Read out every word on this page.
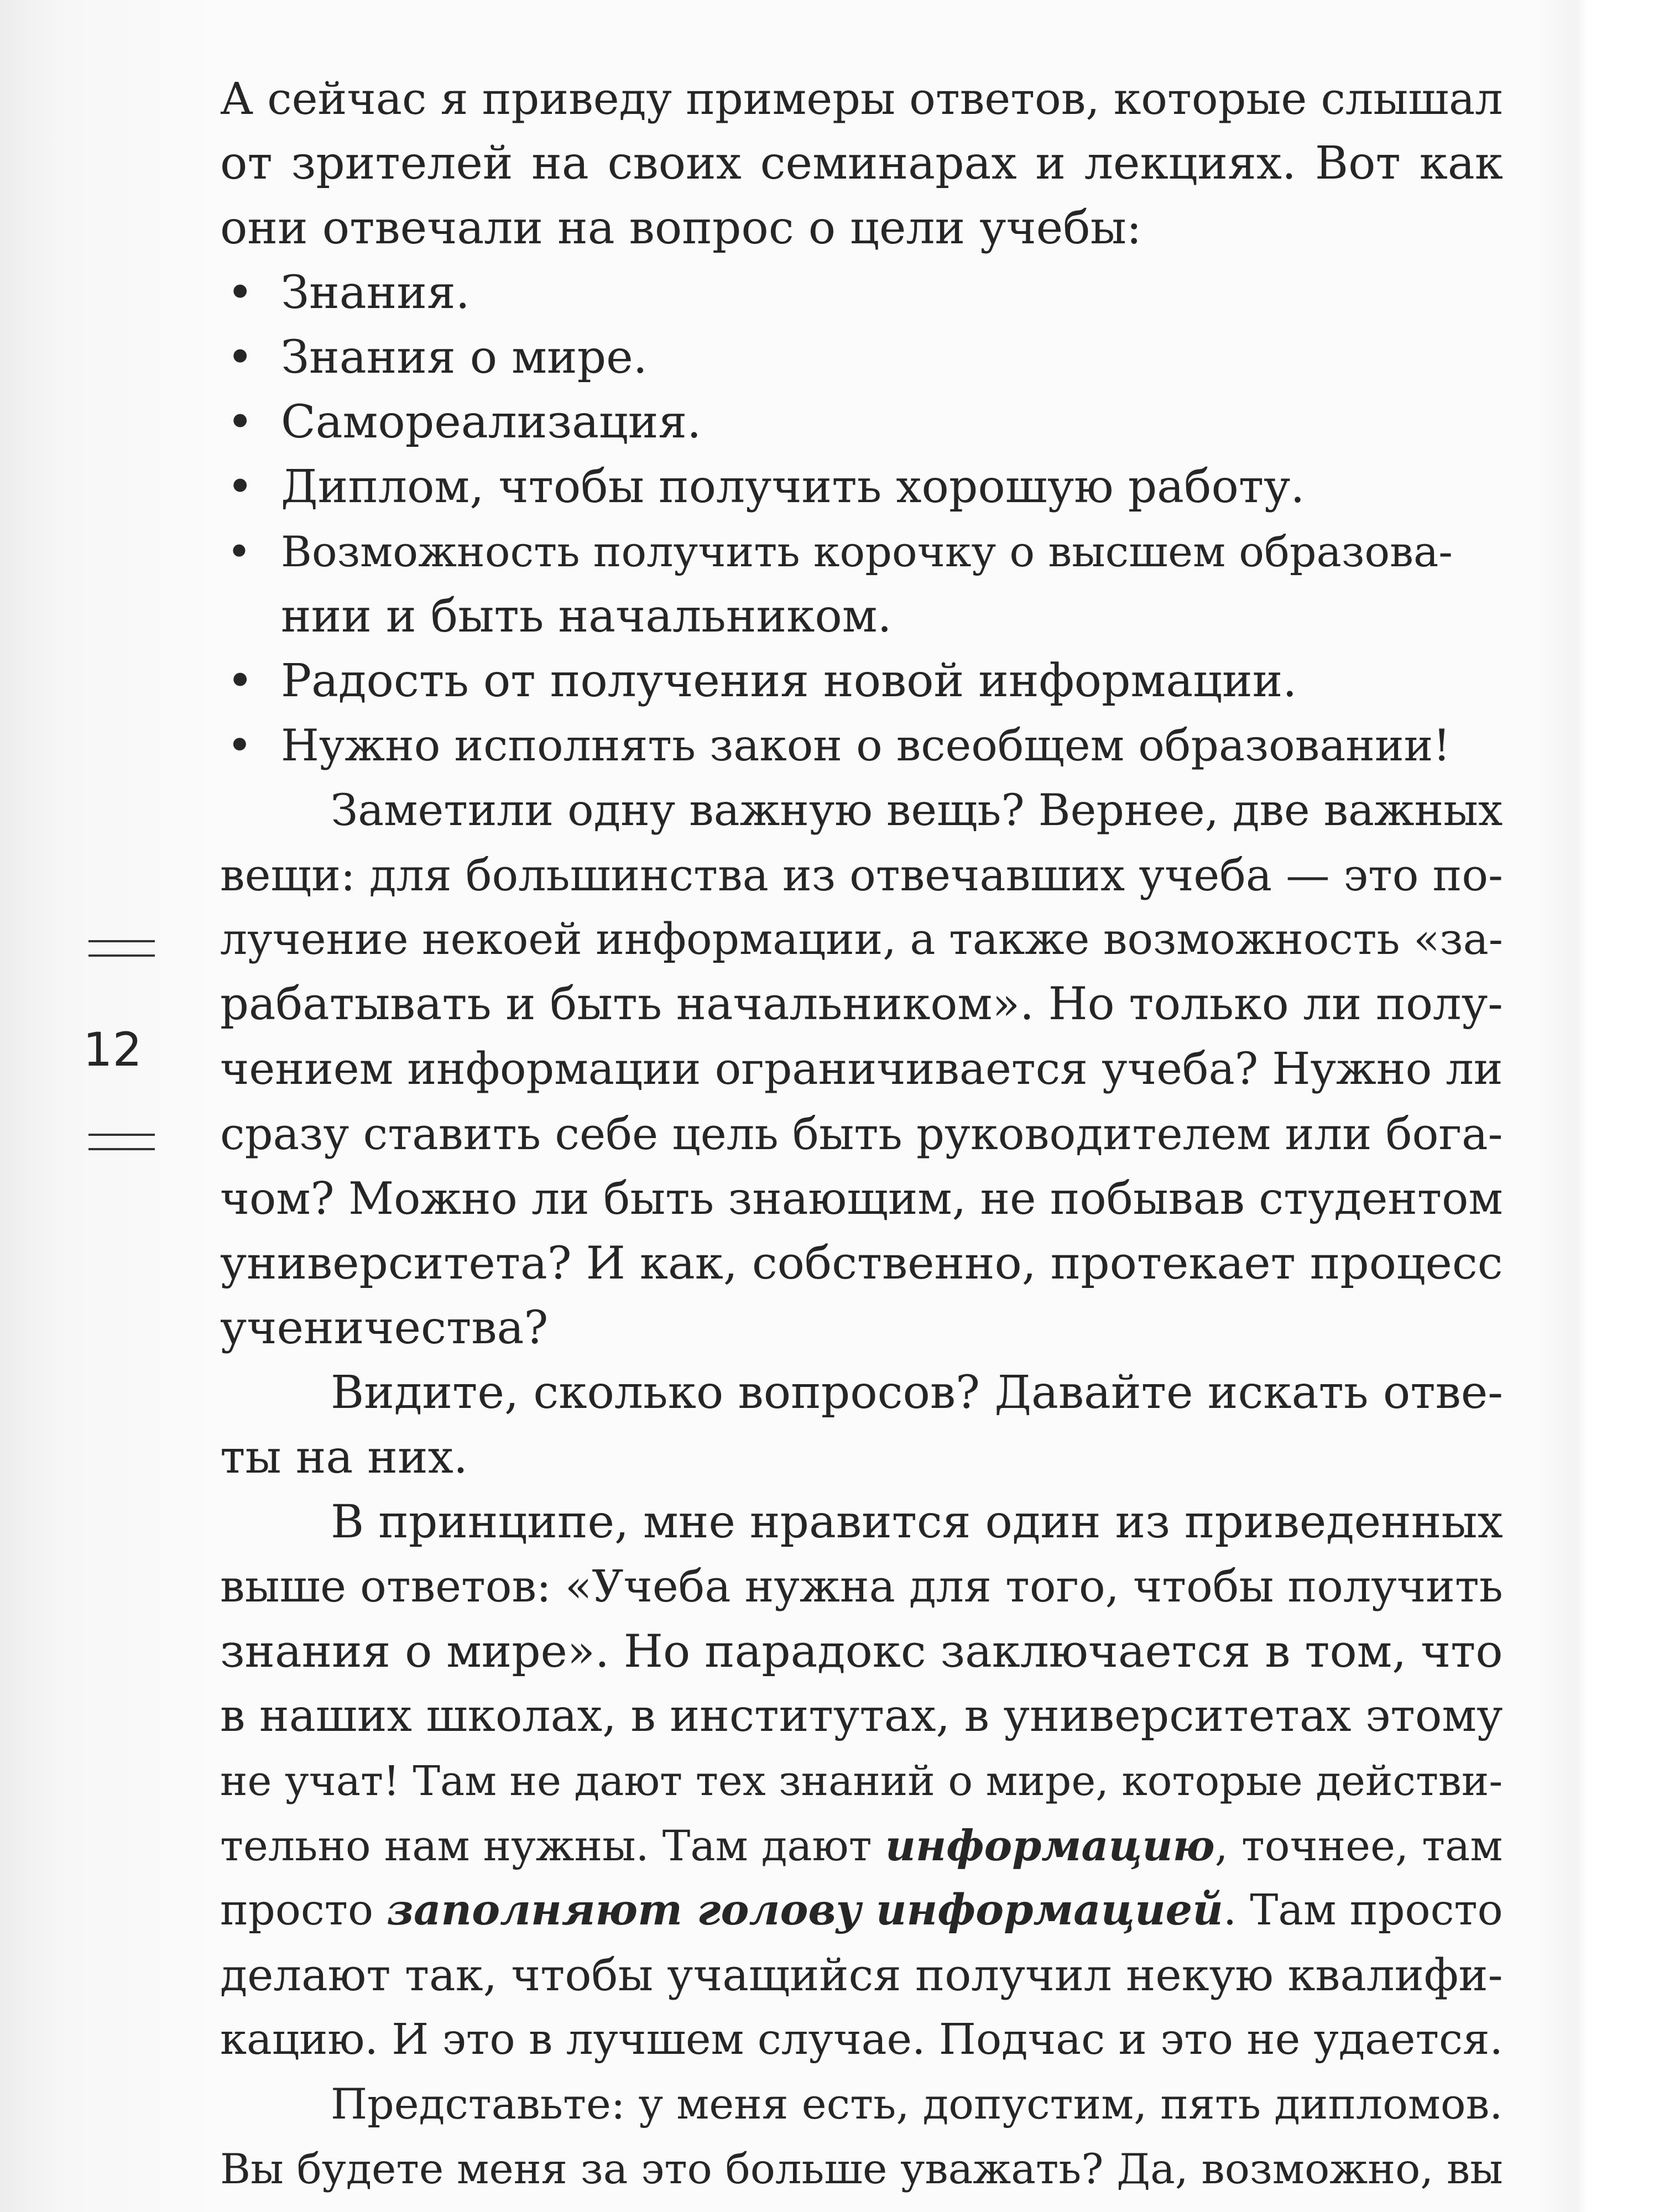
12
А сейчас я приведу примеры ответов, которые слышал
от зрителей на своих семинарах и лекциях. Вот как
они отвечали на вопрос о цели учебы:
• Знания.
• Знания о мире.
• Самореализация.
• Диплом, чтобы получить хорошую работу.
• Возможность получить корочку о высшем образова-
нии и быть начальником.
• Радость от получения новой информации.
• Нужно исполнять закон о всеобщем образовании!
Заметили одну важную вещь? Вернее, две важных
вещи: для большинства из отвечавших учеба — это по-
лучение некоей информации, а также возможность «за-
рабатывать и быть начальником». Но только ли полу-
чением информации ограничивается учеба? Нужно ли
сразу ставить себе цель быть руководителем или бога-
чом? Можно ли быть знающим, не побывав студентом
университета? И как, собственно, протекает процесс
ученичества?
Видите, сколько вопросов? Давайте искать отве-
ты на них.
В принципе, мне нравится один из приведенных
выше ответов: «Учеба нужна для того, чтобы получить
знания о мире». Но парадокс заключается в том, что
в наших школах, в институтах, в университетах этому
не учат! Там не дают тех знаний о мире, которые действи-
тельно нам нужны. Там дают информацию, точнее, там
просто заполняют голову информацией. Там просто
делают так, чтобы учащийся получил некую квалифи-
кацию. И это в лучшем случае. Подчас и это не удается.
Представьте: у меня есть, допустим, пять дипломов.
Вы будете меня за это больше уважать? Да, возможно, вы
